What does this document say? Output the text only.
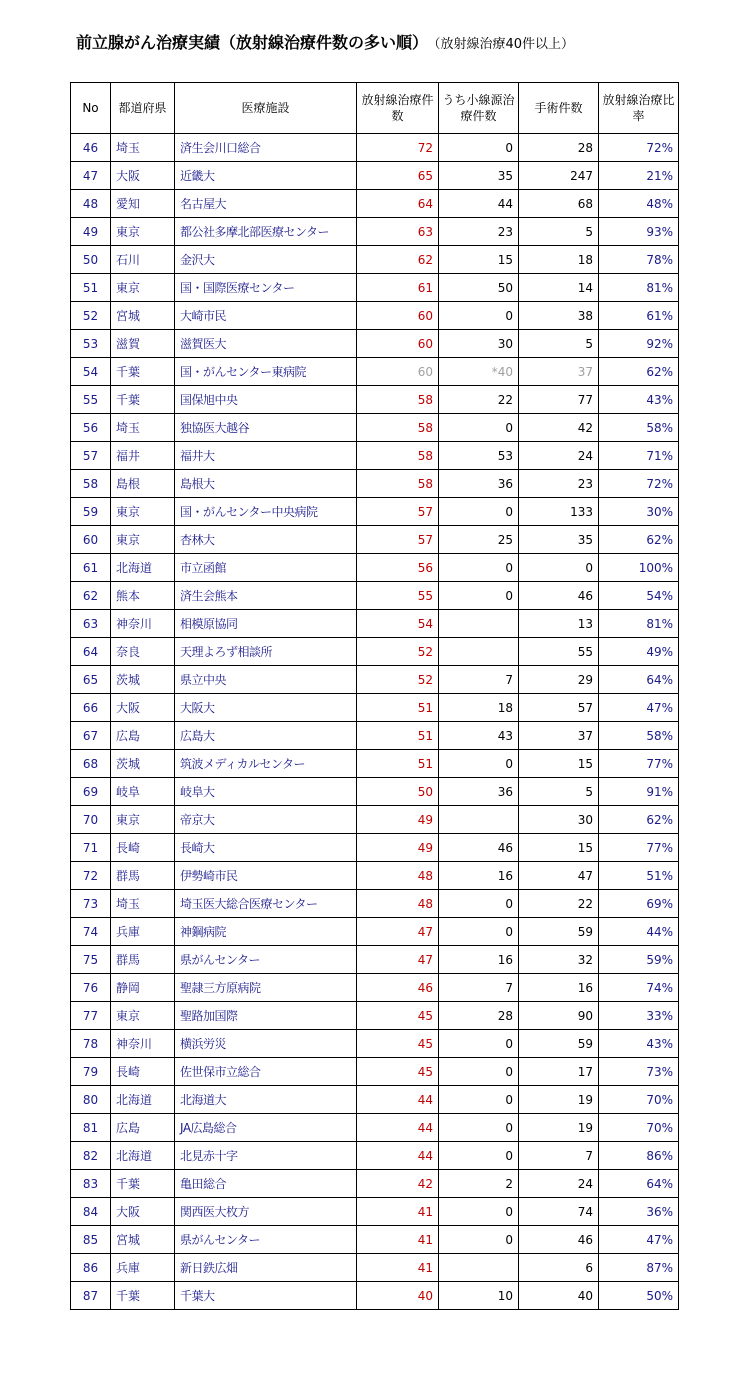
前立腺がん治療実績（放射線治療件数の多い順） （放射線治療40件以上）
No	都道府県	医療施設	放射線治療件数	うち小線源治療件数	手術件数	放射線治療比率
46	埼玉	済生会川口総合	72	0	28	72%
47	大阪	近畿大	65	35	247	21%
48	愛知	名古屋大	64	44	68	48%
49	東京	都公社多摩北部医療センター	63	23	5	93%
50	石川	金沢大	62	15	18	78%
51	東京	国・国際医療センター	61	50	14	81%
52	宮城	大崎市民	60	0	38	61%
53	滋賀	滋賀医大	60	30	5	92%
54	千葉	国・がんセンター東病院	60	*40	37	62%
55	千葉	国保旭中央	58	22	77	43%
56	埼玉	独協医大越谷	58	0	42	58%
57	福井	福井大	58	53	24	71%
58	島根	島根大	58	36	23	72%
59	東京	国・がんセンター中央病院	57	0	133	30%
60	東京	杏林大	57	25	35	62%
61	北海道	市立函館	56	0	0	100%
62	熊本	済生会熊本	55	0	46	54%
63	神奈川	相模原協同	54		13	81%
64	奈良	天理よろず相談所	52		55	49%
65	茨城	県立中央	52	7	29	64%
66	大阪	大阪大	51	18	57	47%
67	広島	広島大	51	43	37	58%
68	茨城	筑波メディカルセンター	51	0	15	77%
69	岐阜	岐阜大	50	36	5	91%
70	東京	帝京大	49		30	62%
71	長崎	長崎大	49	46	15	77%
72	群馬	伊勢崎市民	48	16	47	51%
73	埼玉	埼玉医大総合医療センター	48	0	22	69%
74	兵庫	神鋼病院	47	0	59	44%
75	群馬	県がんセンター	47	16	32	59%
76	静岡	聖隷三方原病院	46	7	16	74%
77	東京	聖路加国際	45	28	90	33%
78	神奈川	横浜労災	45	0	59	43%
79	長崎	佐世保市立総合	45	0	17	73%
80	北海道	北海道大	44	0	19	70%
81	広島	JA広島総合	44	0	19	70%
82	北海道	北見赤十字	44	0	7	86%
83	千葉	亀田総合	42	2	24	64%
84	大阪	関西医大枚方	41	0	74	36%
85	宮城	県がんセンター	41	0	46	47%
86	兵庫	新日鉄広畑	41		6	87%
87	千葉	千葉大	40	10	40	50%
